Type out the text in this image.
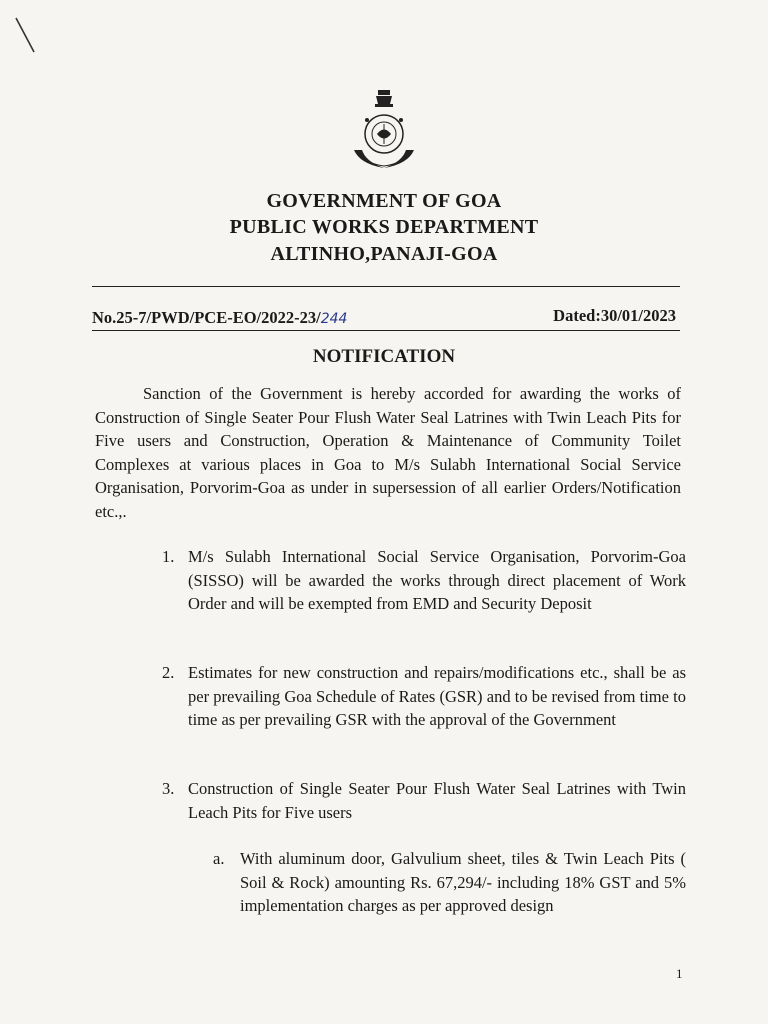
GOVERNMENT OF GOA
PUBLIC WORKS DEPARTMENT
ALTINHO,PANAJI-GOA
No.25-7/PWD/PCE-EO/2022-23/244	Dated:30/01/2023
NOTIFICATION

Sanction of the Government is hereby accorded for awarding the works of Construction of Single Seater Pour Flush Water Seal Latrines with Twin Leach Pits for Five users and Construction, Operation & Maintenance of Community Toilet Complexes at various places in Goa to M/s Sulabh International Social Service Organisation, Porvorim-Goa as under in supersession of all earlier Orders/Notification etc.,.

1. M/s Sulabh International Social Service Organisation, Porvorim-Goa (SISSO) will be awarded the works through direct placement of Work Order and will be exempted from EMD and Security Deposit

2. Estimates for new construction and repairs/modifications etc., shall be as per prevailing Goa Schedule of Rates (GSR) and to be revised from time to time as per prevailing GSR with the approval of the Government

3. Construction of Single Seater Pour Flush Water Seal Latrines with Twin Leach Pits for Five users

a. With aluminum door, Galvulium sheet, tiles & Twin Leach Pits ( Soil & Rock) amounting Rs. 67,294/- including 18% GST and 5% implementation charges as per approved design

1
